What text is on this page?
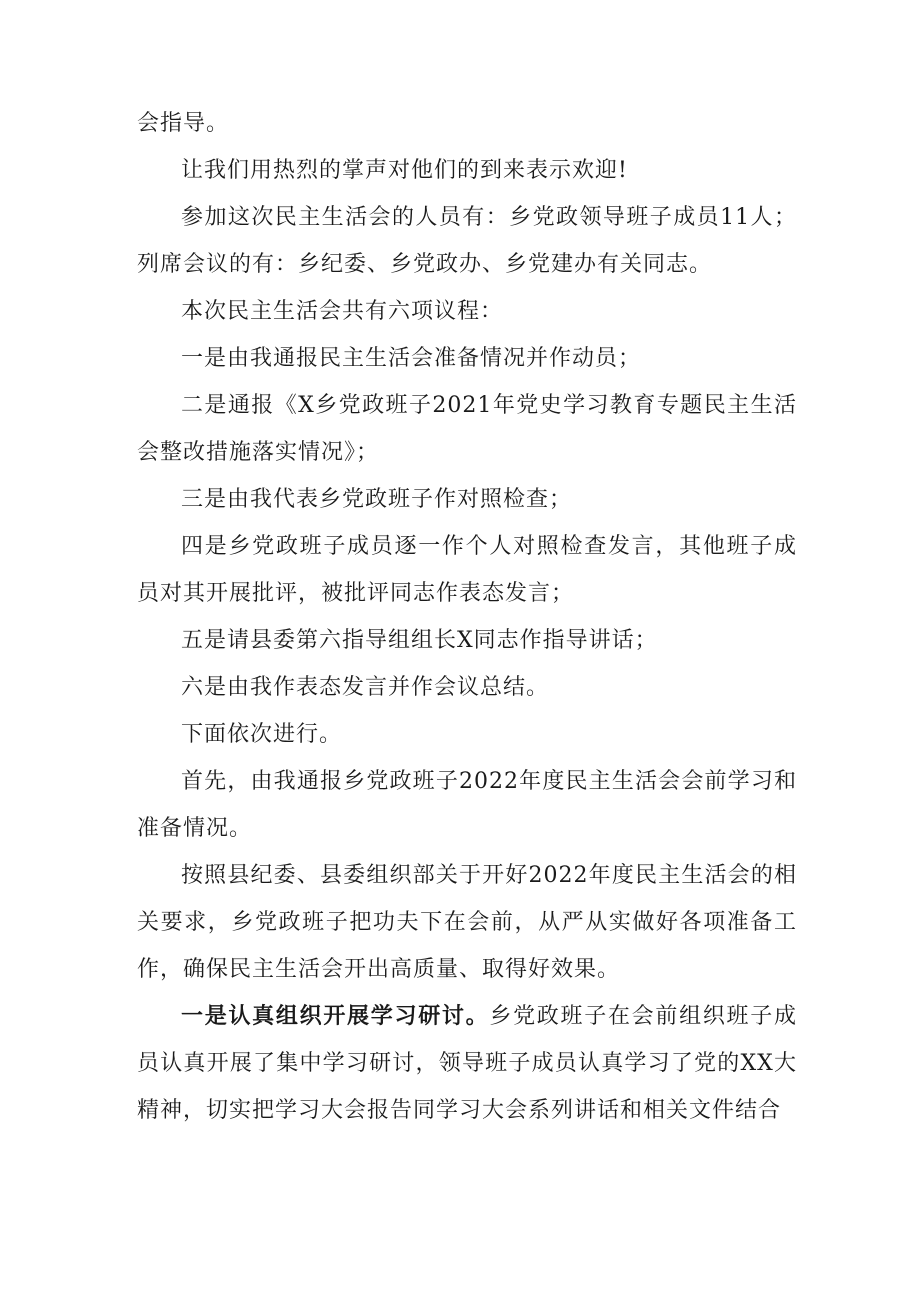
会指导。

让我们用热烈的掌声对他们的到来表示欢迎!

参加这次民主生活会的人员有：乡党政领导班子成员11人；列席会议的有：乡纪委、乡党政办、乡党建办有关同志。

本次民主生活会共有六项议程：

一是由我通报民主生活会准备情况并作动员；

二是通报《X乡党政班子2021年党史学习教育专题民主生活会整改措施落实情况》；

三是由我代表乡党政班子作对照检查；

四是乡党政班子成员逐一作个人对照检查发言，其他班子成员对其开展批评，被批评同志作表态发言；

五是请县委第六指导组组长X同志作指导讲话；

六是由我作表态发言并作会议总结。

下面依次进行。

首先，由我通报乡党政班子2022年度民主生活会会前学习和准备情况。

按照县纪委、县委组织部关于开好2022年度民主生活会的相关要求，乡党政班子把功夫下在会前，从严从实做好各项准备工作，确保民主生活会开出高质量、取得好效果。

一是认真组织开展学习研讨。乡党政班子在会前组织班子成员认真开展了集中学习研讨，领导班子成员认真学习了党的XX大精神，切实把学习大会报告同学习大会系列讲话和相关文件结合
